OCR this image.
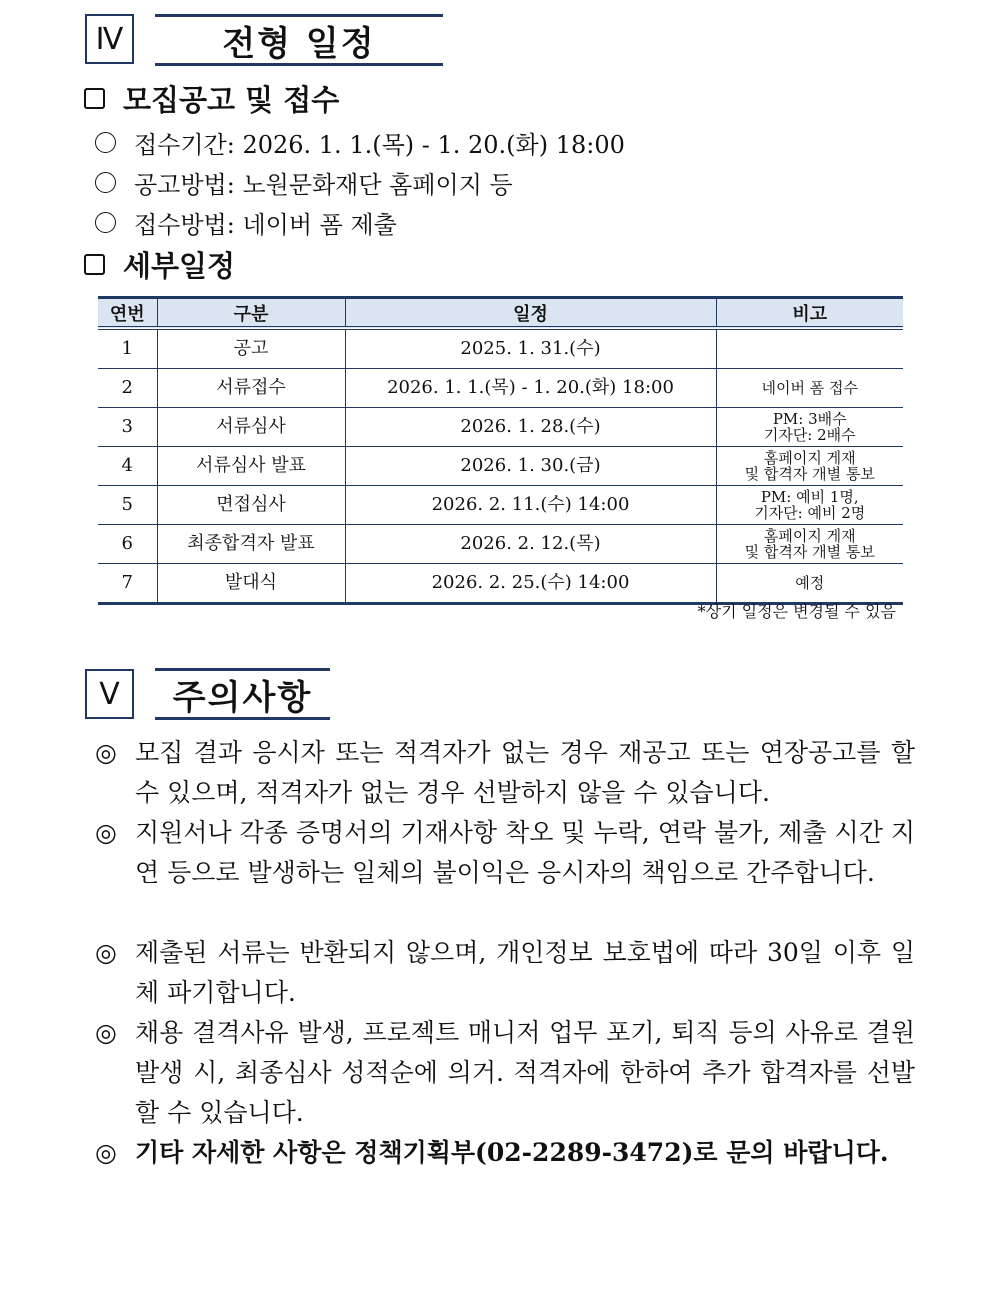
Ⅳ	전형 일정
모집공고 및 접수
접수기간: 2026. 1. 1.(목) - 1. 20.(화) 18:00
공고방법: 노원문화재단 홈페이지 등
접수방법: 네이버 폼 제출
세부일정
연번	구분	일정	비고
1	공고	2025. 1. 31.(수)	
2	서류접수	2026. 1. 1.(목) - 1. 20.(화) 18:00	네이버 폼 접수

3	서류심사	2026. 1. 28.(수)	PM: 3배수
기자단: 2배수

4	서류심사 발표	2026. 1. 30.(금)	홈페이지 게재
및 합격자 개별 통보

5	면접심사	2026. 2. 11.(수) 14:00	PM: 예비 1명,
기자단: 예비 2명

6	최종합격자 발표	2026. 2. 12.(목)	홈페이지 게재
및 합격자 개별 통보

7	발대식	2026. 2. 25.(수) 14:00	예정
*상기 일정은 변경될 수 있음
Ⅴ	주의사항
◎ 모집 결과 응시자 또는 적격자가 없는 경우 재공고 또는 연장공고를 할 수 있으며, 적격자가 없는 경우 선발하지 않을 수 있습니다.
◎ 지원서나 각종 증명서의 기재사항 착오 및 누락, 연락 불가, 제출 시간 지연 등으로 발생하는 일체의 불이익은 응시자의 책임으로 간주합니다.
◎ 제출된 서류는 반환되지 않으며, 개인정보 보호법에 따라 30일 이후 일체 파기합니다.
◎ 채용 결격사유 발생, 프로젝트 매니저 업무 포기, 퇴직 등의 사유로 결원 발생 시, 최종심사 성적순에 의거. 적격자에 한하여 추가 합격자를 선발할 수 있습니다.
◎ 기타 자세한 사항은 정책기획부(02-2289-3472)로 문의 바랍니다.
